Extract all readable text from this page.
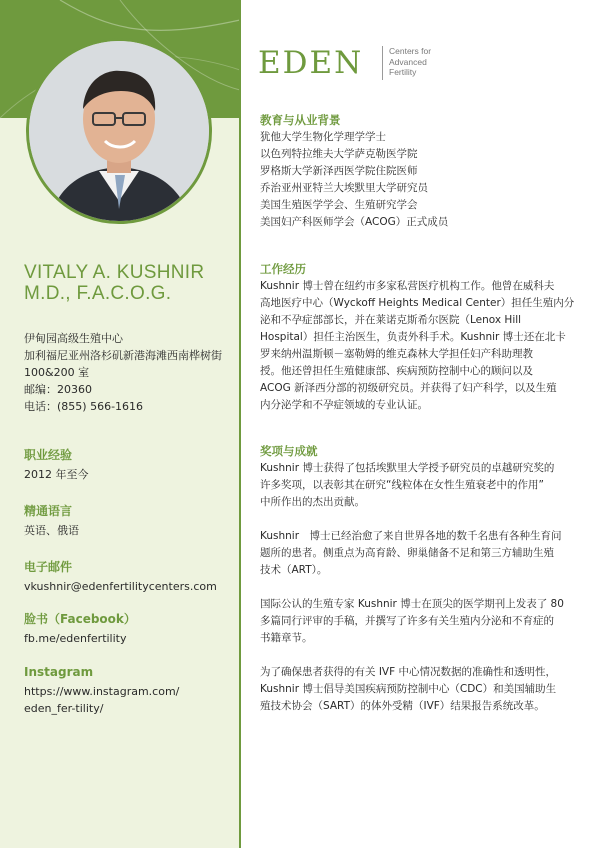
VITALY A. KUSHNIR
M.D., F.A.C.O.G.
伊甸园高级生殖中心
加利福尼亚州洛杉矶新港海滩西南桦树街
100&200 室
邮编：20360
电话：(855) 566-1616
职业经验
2012 年至今
精通语言
英语、俄语
电子邮件
vkushnir@edenfertilitycenters.com
脸书（Facebook）
fb.me/edenfertility
Instagram
https://www.instagram.com/
eden_fer-tility/
EDEN	Centers for
Advanced
Fertility
教育与从业背景
犹他大学生物化学理学学士
以色列特拉维夫大学萨克勒医学院
罗格斯大学新泽西医学院住院医师
乔治亚州亚特兰大埃默里大学研究员
美国生殖医学学会、生殖研究学会
美国妇产科医师学会（ACOG）正式成员
工作经历
Kushnir 博士曾在纽约市多家私营医疗机构工作。他曾在威科夫
高地医疗中心（Wyckoff Heights Medical Center）担任生殖内分
泌和不孕症部部长，并在莱诺克斯希尔医院（Lenox Hill
Hospital）担任主治医生，负责外科手术。Kushnir 博士还在北卡
罗来纳州温斯顿－塞勒姆的维克森林大学担任妇产科助理教
授。他还曾担任生殖健康部、疾病预防控制中心的顾问以及
ACOG 新泽西分部的初级研究员。并获得了妇产科学，以及生殖
内分泌学和不孕症领域的专业认证。
奖项与成就
Kushnir 博士获得了包括埃默里大学授予研究员的卓越研究奖的
许多奖项，以表彰其在研究“线粒体在女性生殖衰老中的作用”
中所作出的杰出贡献。
Kushnir　博士已经治愈了来自世界各地的数千名患有各种生育问
题所的患者。侧重点为高育龄、卵巢储备不足和第三方辅助生殖
技术（ART）。
国际公认的生殖专家 Kushnir 博士在顶尖的医学期刊上发表了 80
多篇同行评审的手稿，并撰写了许多有关生殖内分泌和不育症的
书籍章节。
为了确保患者获得的有关 IVF 中心情况数据的准确性和透明性，
Kushnir 博士倡导美国疾病预防控制中心（CDC）和美国辅助生
殖技术协会（SART）的体外受精（IVF）结果报告系统改革。
